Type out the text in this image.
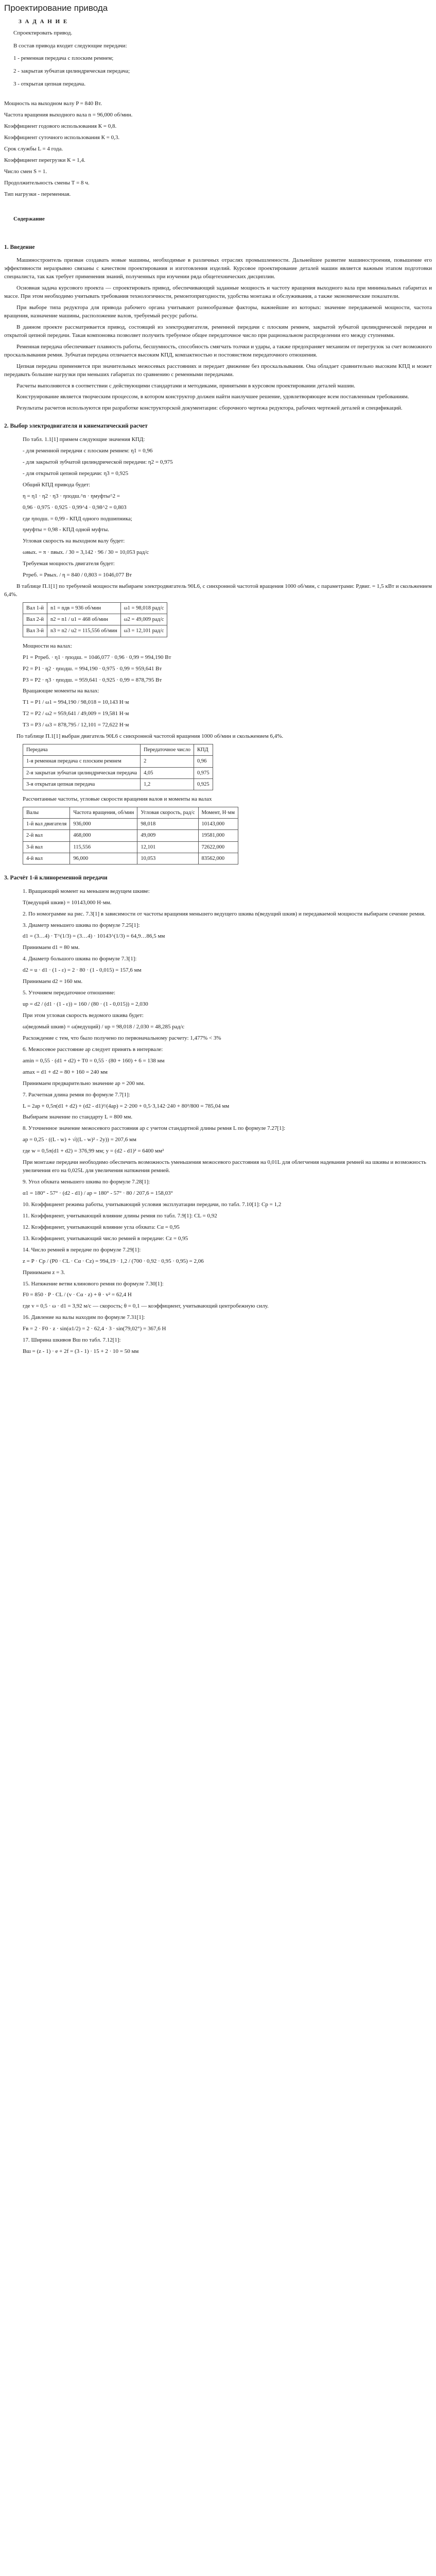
Проектирование привода
З А Д А Н И Е
Спроектировать привод.
В состав привода входит следующие передачи:
1 - ременная передача с плоским ремнем;
2 - закрытая зубчатая цилиндрическая передача;
3 - открытая цепная передача.
Мощность на выходном валу P = 840 Вт.
Частота вращения выходного вала n = 96,000 об/мин.
Коэффициент годового использования К = 0,8.
Коэффициент суточного использования К = 0,3.
Срок службы L = 4 года.
Коэффициент перегрузки К = 1,4.
Число смен S = 1.
Продолжительность смены Т = 8 ч.
Тип нагрузки - переменная.
Содержание
1. Введение

Машиностроитель призван создавать новые машины, необходимые в различных отраслях промышленности. Дальнейшее развитие машиностроения, повышение его эффективности неразрывно связаны с качеством проектирования и изготовления изделий. Курсовое проектирование деталей машин является важным этапом подготовки специалиста, так как требует применения знаний, полученных при изучении ряда общетехнических дисциплин.

Основная задача курсового проекта — спроектировать привод, обеспечивающий заданные мощность и частоту вращения выходного вала при минимальных габаритах и массе. При этом необходимо учитывать требования технологичности, ремонтопригодности, удобства монтажа и обслуживания, а также экономические показатели.

При выборе типа редуктора для привода рабочего органа учитывают разнообразные факторы, важнейшие из которых: значение передаваемой мощности, частота вращения, назначение машины, расположение валов, требуемый ресурс работы.

В данном проекте рассматривается привод, состоящий из электродвигателя, ременной передачи с плоским ремнем, закрытой зубчатой цилиндрической передачи и открытой цепной передачи. Такая компоновка позволяет получить требуемое общее передаточное число при рациональном распределении его между ступенями.

Ременная передача обеспечивает плавность работы, бесшумность, способность смягчать толчки и удары, а также предохраняет механизм от перегрузок за счет возможного проскальзывания ремня. Зубчатая передача отличается высоким КПД, компактностью и постоянством передаточного отношения.

Цепная передача применяется при значительных межосевых расстояниях и передает движение без проскальзывания. Она обладает сравнительно высоким КПД и может передавать большие нагрузки при меньших габаритах по сравнению с ременными передачами.

Расчеты выполняются в соответствии с действующими стандартами и методиками, принятыми в курсовом проектировании деталей машин.

Конструирование является творческим процессом, в котором конструктор должен найти наилучшее решение, удовлетворяющее всем поставленным требованиям.

Результаты расчетов используются при разработке конструкторской документации: сборочного чертежа редуктора, рабочих чертежей деталей и спецификаций.

2. Выбор электродвигателя и кинематический расчет
По табл. 1.1[1] примем следующие значения КПД:
- для ременной передачи с плоским ремнем: η1 = 0,96
- для закрытой зубчатой цилиндрической передачи: η2 = 0,975
- для открытой цепной передачи: η3 = 0,925
Общий КПД привода будет:
η = η1 · η2 · η3 · ηподш.^n · ηмуфты^2 =
0,96 · 0,975 · 0,925 · 0,99^4 · 0,98^2 = 0,803
где ηподш. = 0,99 - КПД одного подшипника;
ηмуфты = 0,98 - КПД одной муфты.
Угловая скорость на выходном валу будет:
ωвых. = π · nвых. / 30 = 3,142 · 96 / 30 = 10,053 рад/с
Требуемая мощность двигателя будет:
Pтреб. = Pвых. / η = 840 / 0,803 = 1046,077 Вт

В таблице П.1[1] по требуемой мощности выбираем электродвигатель 90L6, с синхронной частотой вращения 1000 об/мин, с параметрами: Pдвиг. = 1,5 кВт и скольжением 6,4%.

Вал 1-й	n1 = nдв = 936 об/мин	ω1 = 98,018 рад/с
Вал 2-й	n2 = n1 / u1 = 468 об/мин	ω2 = 49,009 рад/с
Вал 3-й	n3 = n2 / u2 = 115,556 об/мин	ω3 = 12,101 рад/с
Мощности на валах:
P1 = Pтреб. · η1 · ηподш. = 1046,077 · 0,96 · 0,99 = 994,190 Вт
P2 = P1 · η2 · ηподш. = 994,190 · 0,975 · 0,99 = 959,641 Вт
P3 = P2 · η3 · ηподш. = 959,641 · 0,925 · 0,99 = 878,795 Вт
Вращающие моменты на валах:
T1 = P1 / ω1 = 994,190 / 98,018 = 10,143 Н·м
T2 = P2 / ω2 = 959,641 / 49,009 = 19,581 Н·м
T3 = P3 / ω3 = 878,795 / 12,101 = 72,622 Н·м

По таблице П.1[1] выбран двигатель 90L6 с синхронной частотой вращения 1000 об/мин и скольжением 6,4%.

Передача	Передаточное число	КПД
1-я ременная передача с плоским ремнем	2	0,96
2-я закрытая зубчатая цилиндрическая передача	4,05	0,975
3-я открытая цепная передача	1,2	0,925
Рассчитанные частоты, угловые скорости вращения валов и моменты на валах
Валы	Частота вращения, об/мин	Угловая скорость, рад/с	Момент, Н·мм
1-й вал двигателя	936,000	98,018	10143,000
2-й вал	468,000	49,009	19581,000
3-й вал	115,556	12,101	72622,000
4-й вал	96,000	10,053	83562,000
3. Расчёт 1-й клиноременной передачи
1. Вращающий момент на меньшем ведущем шкиве:
T(ведущий шкив) = 10143,000 Н·мм.
2. По номограмме на рис. 7.3[1] в зависимости от частоты вращения меньшего ведущего шкива n(ведущий шкив) и передаваемой мощности выбираем сечение ремня.
3. Диаметр меньшего шкива по формуле 7.25[1]:
d1 = (3…4) · T^(1/3) = (3…4) · 10143^(1/3) = 64,9…86,5 мм
Принимаем d1 = 80 мм.
4. Диаметр большого шкива по формуле 7.3[1]:
d2 = u · d1 · (1 - ε) = 2 · 80 · (1 - 0,015) = 157,6 мм
Принимаем d2 = 160 мм.
5. Уточняем передаточное отношение:
up = d2 / (d1 · (1 - ε)) = 160 / (80 · (1 - 0,015)) = 2,030
При этом угловая скорость ведомого шкива будет:
ω(ведомый шкив) = ω(ведущий) / up = 98,018 / 2,030 = 48,285 рад/с
Расхождение с тем, что было получено по первоначальному расчету: 1,477% < 3%
6. Межосевое расстояние ap следует принять в интервале:
amin = 0,55 · (d1 + d2) + T0 = 0,55 · (80 + 160) + 6 = 138 мм
amax = d1 + d2 = 80 + 160 = 240 мм
Принимаем предварительно значение ap = 200 мм.
7. Расчетная длина ремня по формуле 7.7[1]:
L = 2ap + 0,5π(d1 + d2) + (d2 - d1)²/(4ap) = 2·200 + 0,5·3,142·240 + 80²/800 = 785,04 мм
Выбираем значение по стандарту L = 800 мм.
8. Уточненное значение межосевого расстояния ap с учетом стандартной длины ремня L по формуле 7.27[1]:
ap = 0,25 · ((L - w) + √((L - w)² - 2y)) = 207,6 мм
где w = 0,5π(d1 + d2) = 376,99 мм; y = (d2 - d1)² = 6400 мм²
При монтаже передачи необходимо обеспечить возможность уменьшения межосевого расстояния на 0,01L для облегчения надевания ремней на шкивы и возможность увеличения его на 0,025L для увеличения натяжения ремней.
9. Угол обхвата меньшего шкива по формуле 7.28[1]:
α1 = 180° - 57° · (d2 - d1) / ap = 180° - 57° · 80 / 207,6 = 158,03°
10. Коэффициент режима работы, учитывающий условия эксплуатации передачи, по табл. 7.10[1]: Cp = 1,2
11. Коэффициент, учитывающий влияние длины ремня по табл. 7.9[1]: CL = 0,92
12. Коэффициент, учитывающий влияние угла обхвата: Cα = 0,95
13. Коэффициент, учитывающий число ремней в передаче: Cz = 0,95
14. Число ремней в передаче по формуле 7.29[1]:
z = P · Cp / (P0 · CL · Cα · Cz) = 994,19 · 1,2 / (700 · 0,92 · 0,95 · 0,95) = 2,06
Принимаем z = 3.
15. Натяжение ветви клинового ремня по формуле 7.30[1]:
F0 = 850 · P · CL / (v · Cα · z) + θ · v² = 62,4 Н
где v = 0,5 · ω · d1 = 3,92 м/с — скорость; θ = 0,1 — коэффициент, учитывающий центробежную силу.
16. Давление на валы находим по формуле 7.31[1]:
Fв = 2 · F0 · z · sin(α1/2) = 2 · 62,4 · 3 · sin(79,02°) = 367,6 Н
17. Ширина шкивов Вш по табл. 7.12[1]:
Вш = (z - 1) · e + 2f = (3 - 1) · 15 + 2 · 10 = 50 мм
